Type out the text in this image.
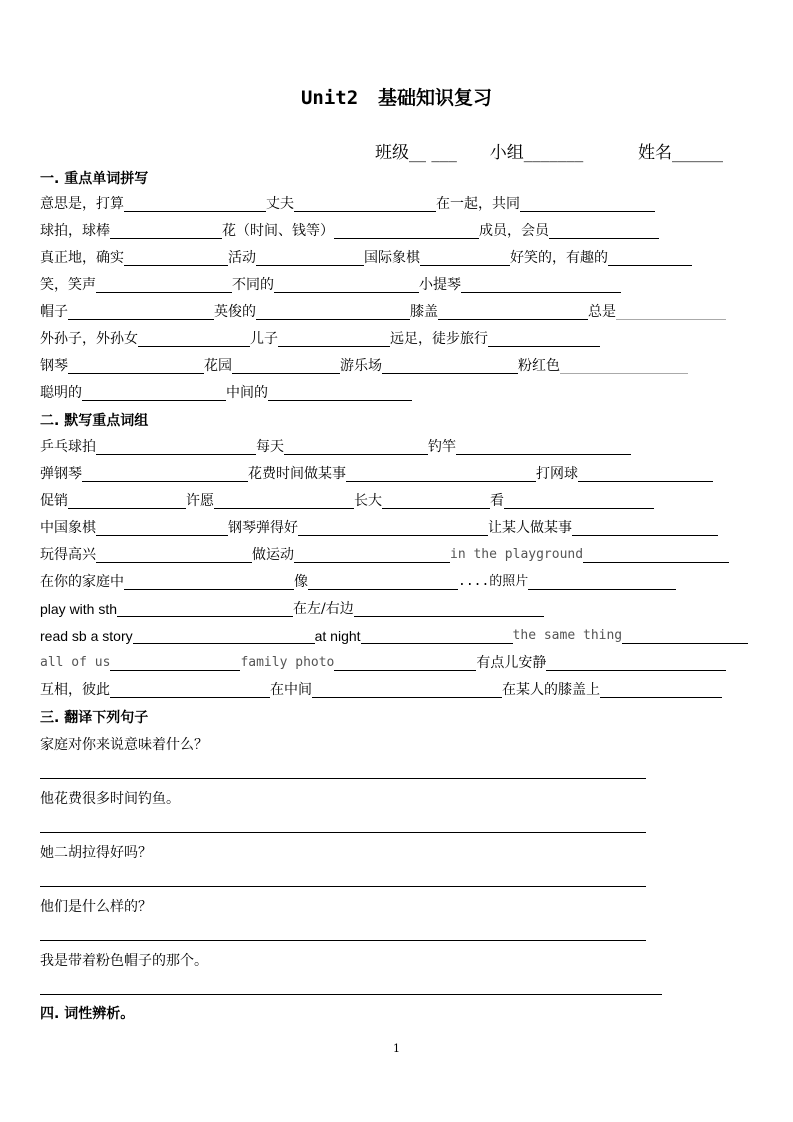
Unit2 基础知识复习
班级__ ___ 小组_______	姓名______
一. 重点单词拼写
意思是，打算	丈夫	在一起，共同
球拍，球棒	花（时间、钱等）	成员，会员
真正地，确实	活动	国际象棋	好笑的，有趣的
笑，笑声	不同的	小提琴
帽子	英俊的	膝盖	总是
外孙子，外孙女	儿子	远足，徒步旅行
钢琴	花园	游乐场	粉红色
聪明的	中间的
二. 默写重点词组
乒乓球拍	每天	钓竿
弹钢琴	花费时间做某事	打网球
促销	许愿	长大	看
中国象棋	钢琴弹得好	让某人做某事
玩得高兴	做运动	in the playground
在你的家庭中	像	....的照片
play with sth	在左/右边
read sb a story	at night	the same thing
all of us	family photo	有点儿安静
互相，彼此	在中间	在某人的膝盖上
三. 翻译下列句子
家庭对你来说意味着什么？
他花费很多时间钓鱼。
她二胡拉得好吗？
他们是什么样的？
我是带着粉色帽子的那个。
四. 词性辨析。
1
